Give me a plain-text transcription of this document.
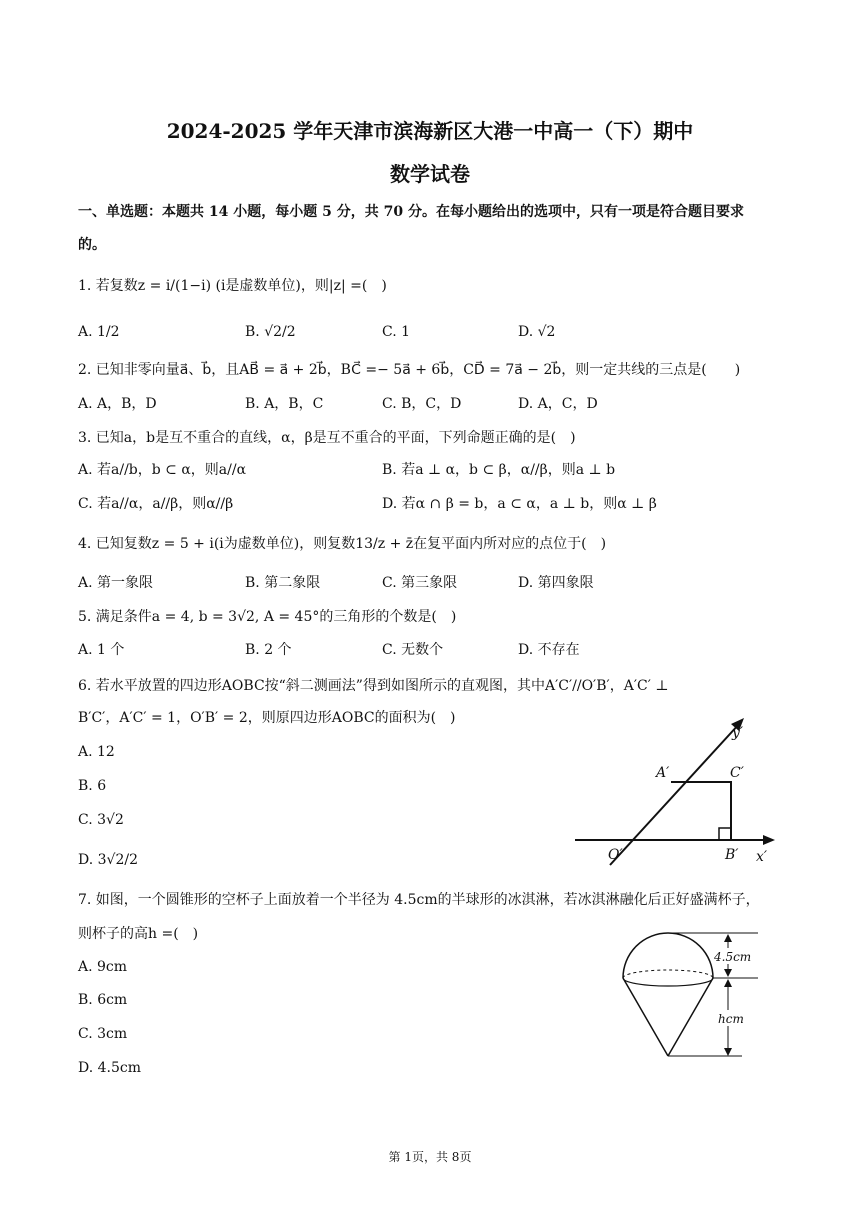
2024-2025 学年天津市滨海新区大港一中高一（下）期中
数学试卷
一、单选题：本题共 14 小题，每小题 5 分，共 70 分。在每小题给出的选项中，只有一项是符合题目要求
的。
1. 若复数z = i/(1−i) (i是虚数单位)，则|z| =(　)
A. 1/2	B. √2/2	C. 1	D. √2
2. 已知非零向量a⃗、b⃗，且AB⃗ = a⃗ + 2b⃗，BC⃗ =− 5a⃗ + 6b⃗，CD⃗ = 7a⃗ − 2b⃗，则一定共线的三点是(　　)
A. A，B，D	B. A，B，C	C. B，C，D	D. A，C，D
3. 已知a，b是互不重合的直线，α，β是互不重合的平面，下列命题正确的是(　)
A. 若a//b，b ⊂ α，则a//α	B. 若a ⊥ α，b ⊂ β，α//β，则a ⊥ b
C. 若a//α，a//β，则α//β	D. 若α ∩ β = b，a ⊂ α，a ⊥ b，则α ⊥ β
4. 已知复数z = 5 + i(i为虚数单位)，则复数13/z + z̄在复平面内所对应的点位于(　)
A. 第一象限	B. 第二象限	C. 第三象限	D. 第四象限
5. 满足条件a = 4, b = 3√2, A = 45°的三角形的个数是(　)
A. 1 个	B. 2 个	C. 无数个	D. 不存在
6. 若水平放置的四边形AOBC按“斜二测画法”得到如图所示的直观图，其中A′C′//O′B′，A′C′ ⊥
B′C′，A′C′ = 1，O′B′ = 2，则原四边形AOBC的面积为(　)
A. 12
B. 6
C. 3√2
D. 3√2/2
y′
A′	C′
O′	B′ x′
7. 如图，一个圆锥形的空杯子上面放着一个半径为 4.5cm的半球形的冰淇淋，若冰淇淋融化后正好盛满杯子，
则杯子的高h =(　)
A. 9cm
B. 6cm
C. 3cm
D. 4.5cm
4.5cm
hcm
第 1页，共 8页
